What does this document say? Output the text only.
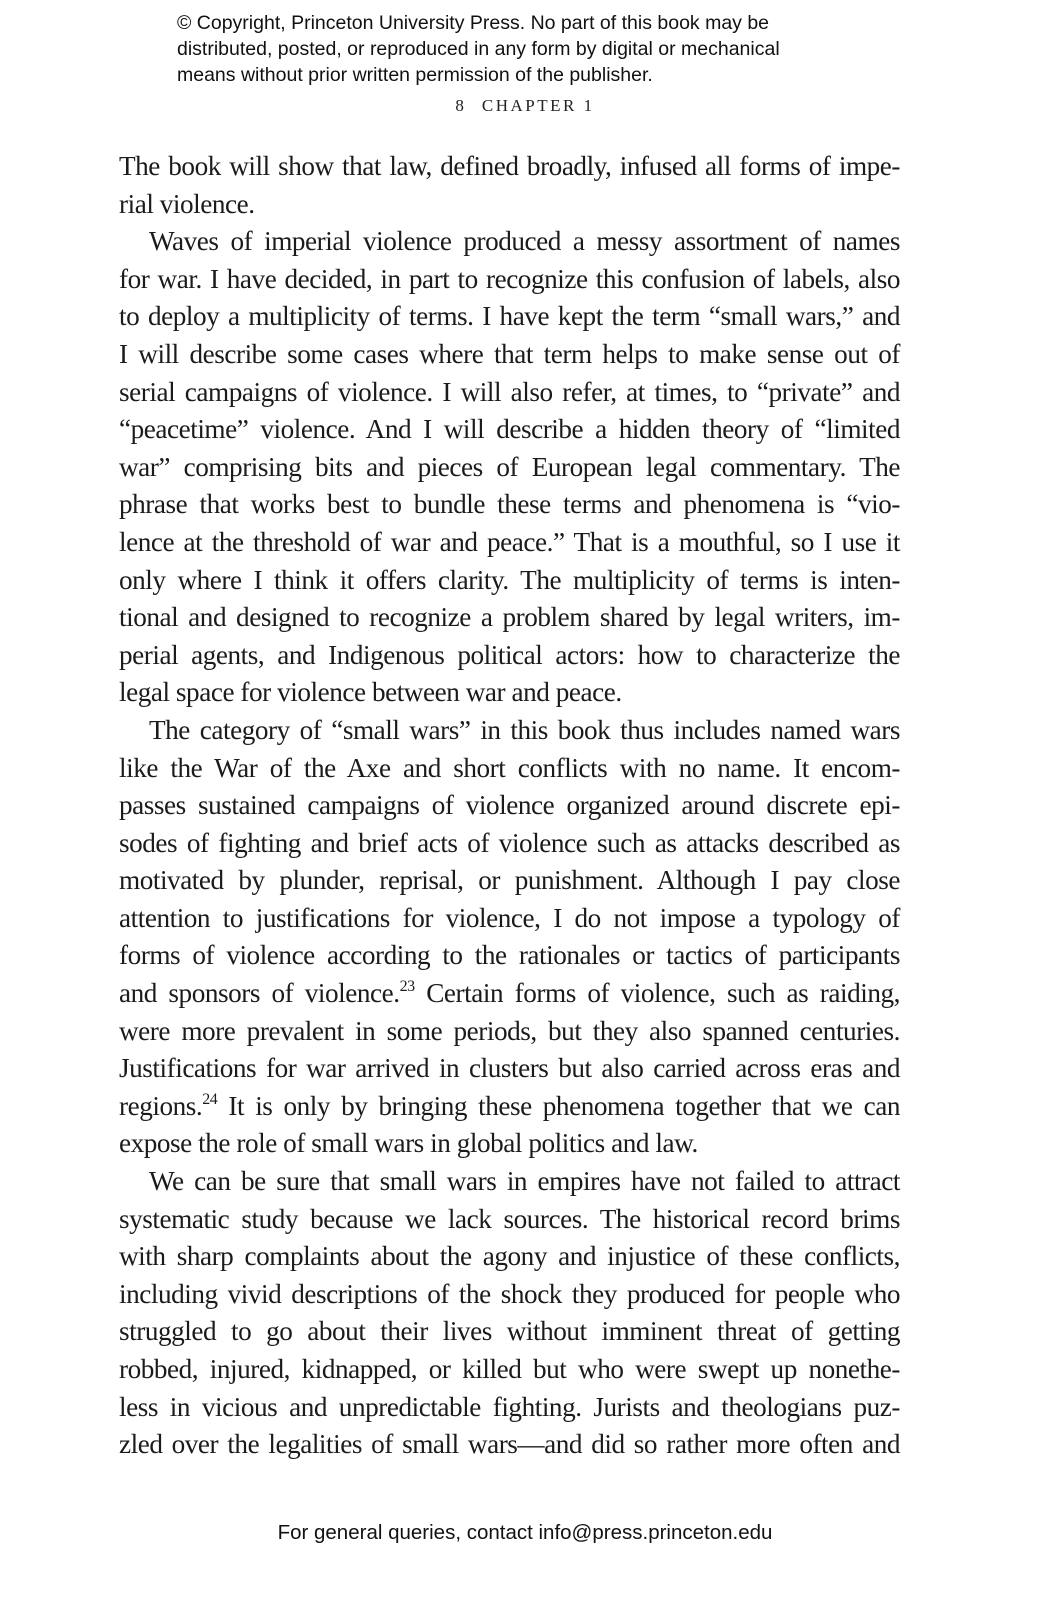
© Copyright, Princeton University Press. No part of this book may be
distributed, posted, or reproduced in any form by digital or mechanical
means without prior written permission of the publisher.
8 CHAPTER 1
The book will show that law, defined broadly, infused all forms of impe-
rial violence.
Waves of imperial violence produced a messy assortment of names
for war. I have decided, in part to recognize this confusion of labels, also
to deploy a multiplicity of terms. I have kept the term “small wars,” and
I will describe some cases where that term helps to make sense out of
serial campaigns of violence. I will also refer, at times, to “private” and
“peacetime” violence. And I will describe a hidden theory of “limited
war” comprising bits and pieces of European legal commentary. The
phrase that works best to bundle these terms and phenomena is “vio-
lence at the threshold of war and peace.” That is a mouthful, so I use it
only where I think it offers clarity. The multiplicity of terms is inten-
tional and designed to recognize a problem shared by legal writers, im-
perial agents, and Indigenous political actors: how to characterize the
legal space for violence between war and peace.
The category of “small wars” in this book thus includes named wars
like the War of the Axe and short conflicts with no name. It encom-
passes sustained campaigns of violence organized around discrete epi-
sodes of fighting and brief acts of violence such as attacks described as
motivated by plunder, reprisal, or punishment. Although I pay close
attention to justifications for violence, I do not impose a typology of
forms of violence according to the rationales or tactics of participants
and sponsors of violence.$^{23}$ Certain forms of violence, such as raiding,
were more prevalent in some periods, but they also spanned centuries.
Justifications for war arrived in clusters but also carried across eras and
regions.$^{24}$ It is only by bringing these phenomena together that we can
expose the role of small wars in global politics and law.
We can be sure that small wars in empires have not failed to attract
systematic study because we lack sources. The historical record brims
with sharp complaints about the agony and injustice of these conflicts,
including vivid descriptions of the shock they produced for people who
struggled to go about their lives without imminent threat of getting
robbed, injured, kidnapped, or killed but who were swept up nonethe-
less in vicious and unpredictable fighting. Jurists and theologians puz-
zled over the legalities of small wars—and did so rather more often and
For general queries, contact info@press.princeton.edu
